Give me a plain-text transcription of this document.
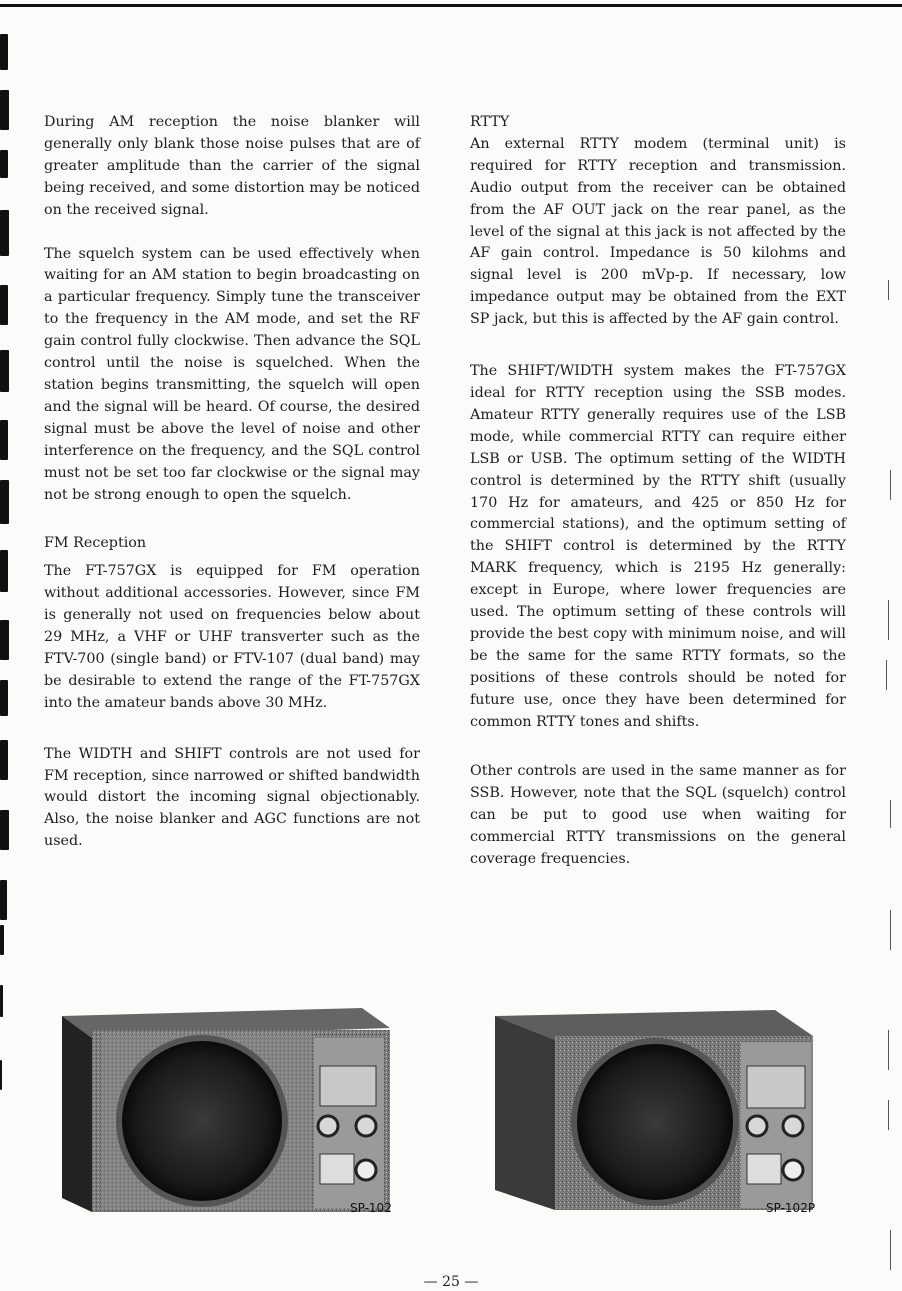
During AM reception the noise blanker will generally only blank those noise pulses that are of greater amplitude than the carrier of the signal being received, and some distortion may be noticed on the received signal.

The squelch system can be used effectively when waiting for an AM station to begin broadcasting on a particular frequency. Simply tune the transceiver to the frequency in the AM mode, and set the RF gain control fully clockwise. Then advance the SQL control until the noise is squelched. When the station begins transmitting, the squelch will open and the signal will be heard. Of course, the desired signal must be above the level of noise and other interference on the frequency, and the SQL control must not be set too far clockwise or the signal may not be strong enough to open the squelch.

FM Reception

The FT-757GX is equipped for FM operation without additional accessories. However, since FM is generally not used on frequencies below about 29 MHz, a VHF or UHF transverter such as the FTV-700 (single band) or FTV-107 (dual band) may be desirable to extend the range of the FT-757GX into the amateur bands above 30 MHz.

The WIDTH and SHIFT controls are not used for FM reception, since narrowed or shifted bandwidth would distort the incoming signal objectionably. Also, the noise blanker and AGC functions are not used.

RTTY

An external RTTY modem (terminal unit) is required for RTTY reception and transmission. Audio output from the receiver can be obtained from the AF OUT jack on the rear panel, as the level of the signal at this jack is not affected by the AF gain control. Impedance is 50 kilohms and signal level is 200 mVp-p. If necessary, low impedance output may be obtained from the EXT SP jack, but this is affected by the AF gain control.

The SHIFT/WIDTH system makes the FT-757GX ideal for RTTY reception using the SSB modes. Amateur RTTY generally requires use of the LSB mode, while commercial RTTY can require either LSB or USB. The optimum setting of the WIDTH control is determined by the RTTY shift (usually 170 Hz for amateurs, and 425 or 850 Hz for commercial stations), and the optimum setting of the SHIFT control is determined by the RTTY MARK frequency, which is 2195 Hz generally: except in Europe, where lower frequencies are used. The optimum setting of these controls will provide the best copy with minimum noise, and will be the same for the same RTTY formats, so the positions of these controls should be noted for future use, once they have been determined for common RTTY tones and shifts.

Other controls are used in the same manner as for SSB. However, note that the SQL (squelch) control can be put to good use when waiting for commercial RTTY transmissions on the general coverage frequencies.

SP-102	SP-102P
— 25 —
